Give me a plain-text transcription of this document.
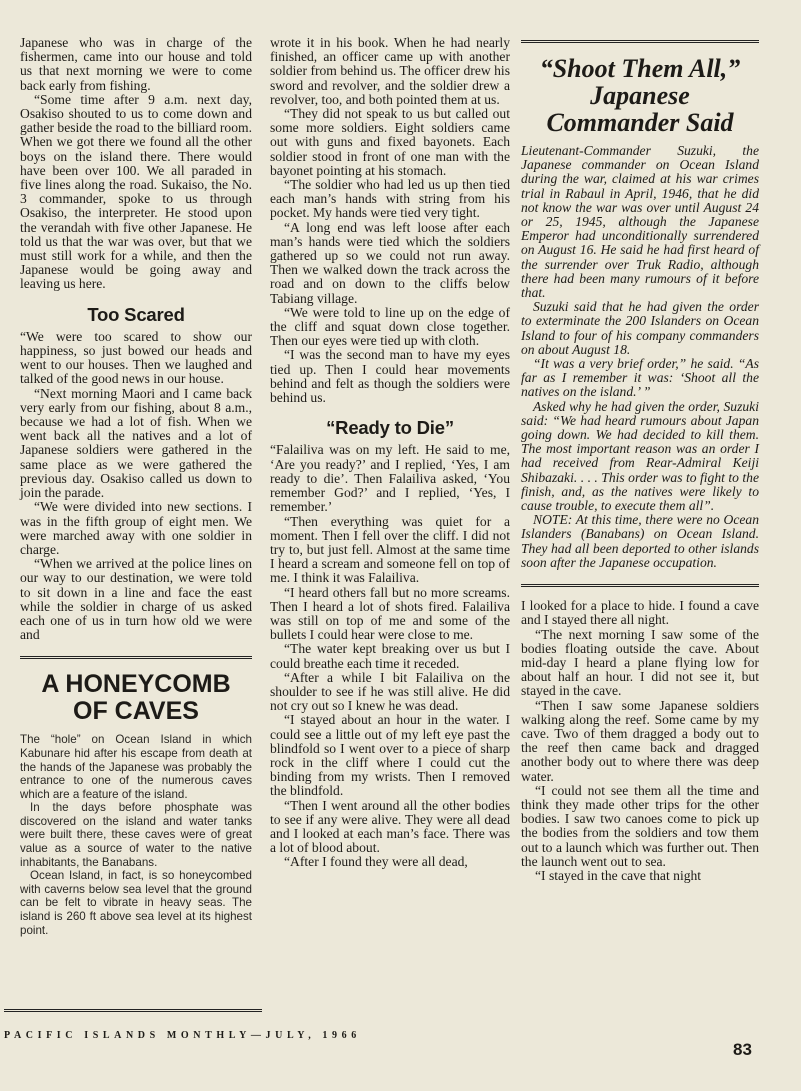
Japanese who was in charge of the fishermen, came into our house and told us that next morning we were to come back early from fishing.

“Some time after 9 a.m. next day, Osakiso shouted to us to come down and gather beside the road to the billiard room. When we got there we found all the other boys on the island there. There would have been over 100. We all paraded in five lines along the road. Sukaiso, the No. 3 commander, spoke to us through Osakiso, the interpreter. He stood upon the verandah with five other Japanese. He told us that the war was over, but that we must still work for a while, and then the Japanese would be going away and leaving us here.

Too Scared

“We were too scared to show our happiness, so just bowed our heads and went to our houses. Then we laughed and talked of the good news in our house.

“Next morning Maori and I came back very early from our fishing, about 8 a.m., because we had a lot of fish. When we went back all the natives and a lot of Japanese soldiers were gathered in the same place as we were gathered the previous day. Osakiso called us down to join the parade.

“We were divided into new sections. I was in the fifth group of eight men. We were marched away with one soldier in charge.

“When we arrived at the police lines on our way to our destination, we were told to sit down in a line and face the east while the soldier in charge of us asked each one of us in turn how old we were and

A HONEYCOMB
OF CAVES

The “hole” on Ocean Island in which Kabunare hid after his escape from death at the hands of the Japanese was probably the entrance to one of the numerous caves which are a feature of the island.

In the days before phosphate was discovered on the island and water tanks were built there, these caves were of great value as a source of water to the native inhabitants, the Banabans.

Ocean Island, in fact, is so honeycombed with caverns below sea level that the ground can be felt to vibrate in heavy seas. The island is 260 ft above sea level at its highest point.

wrote it in his book. When he had nearly finished, an officer came up with another soldier from behind us. The officer drew his sword and revolver, and the soldier drew a revolver, too, and both pointed them at us.

“They did not speak to us but called out some more soldiers. Eight soldiers came out with guns and fixed bayonets. Each soldier stood in front of one man with the bayonet pointing at his stomach.

“The soldier who had led us up then tied each man’s hands with string from his pocket. My hands were tied very tight.

“A long end was left loose after each man’s hands were tied which the soldiers gathered up so we could not run away. Then we walked down the track across the road and on down to the cliffs below Tabiang village.

“We were told to line up on the edge of the cliff and squat down close together. Then our eyes were tied up with cloth.

“I was the second man to have my eyes tied up. Then I could hear movements behind and felt as though the soldiers were behind us.

“Ready to Die”

“Falailiva was on my left. He said to me, ‘Are you ready?’ and I replied, ‘Yes, I am ready to die’. Then Falailiva asked, ‘You remember God?’ and I replied, ‘Yes, I remember.’

“Then everything was quiet for a moment. Then I fell over the cliff. I did not try to, but just fell. Almost at the same time I heard a scream and someone fell on top of me. I think it was Falailiva.

“I heard others fall but no more screams. Then I heard a lot of shots fired. Falailiva was still on top of me and some of the bullets I could hear were close to me.

“The water kept breaking over us but I could breathe each time it receded.

“After a while I bit Falailiva on the shoulder to see if he was still alive. He did not cry out so I knew he was dead.

“I stayed about an hour in the water. I could see a little out of my left eye past the blindfold so I went over to a piece of sharp rock in the cliff where I could cut the binding from my wrists. Then I removed the blindfold.

“Then I went around all the other bodies to see if any were alive. They were all dead and I looked at each man’s face. There was a lot of blood about.

“After I found they were all dead,

“Shoot Them All,”
Japanese
Commander Said

Lieutenant-Commander Suzuki, the Japanese commander on Ocean Island during the war, claimed at his war crimes trial in Rabaul in April, 1946, that he did not know the war was over until August 24 or 25, 1945, although the Japanese Emperor had unconditionally surrendered on August 16. He said he had first heard of the surrender over Truk Radio, although there had been many rumours of it before that.

Suzuki said that he had given the order to exterminate the 200 Islanders on Ocean Island to four of his company commanders on about August 18.

“It was a very brief order,” he said. “As far as I remember it was: ‘Shoot all the natives on the island.’ ”

Asked why he had given the order, Suzuki said: “We had heard rumours about Japan going down. We had decided to kill them. The most important reason was an order I had received from Rear-Admiral Keiji Shibazaki. . . . This order was to fight to the finish, and, as the natives were likely to cause trouble, to execute them all”.

NOTE: At this time, there were no Ocean Islanders (Banabans) on Ocean Island. They had all been deported to other islands soon after the Japanese occupation.

I looked for a place to hide. I found a cave and I stayed there all night.

“The next morning I saw some of the bodies floating outside the cave. About mid-day I heard a plane flying low for about half an hour. I did not see it, but stayed in the cave.

“Then I saw some Japanese soldiers walking along the reef. Some came by my cave. Two of them dragged a body out to the reef then came back and dragged another body out to where there was deep water.

“I could not see them all the time and think they made other trips for the other bodies. I saw two canoes come to pick up the bodies from the soldiers and tow them out to a launch which was further out. Then the launch went out to sea.

“I stayed in the cave that night

PACIFIC ISLANDS MONTHLY—JULY, 1966
83
